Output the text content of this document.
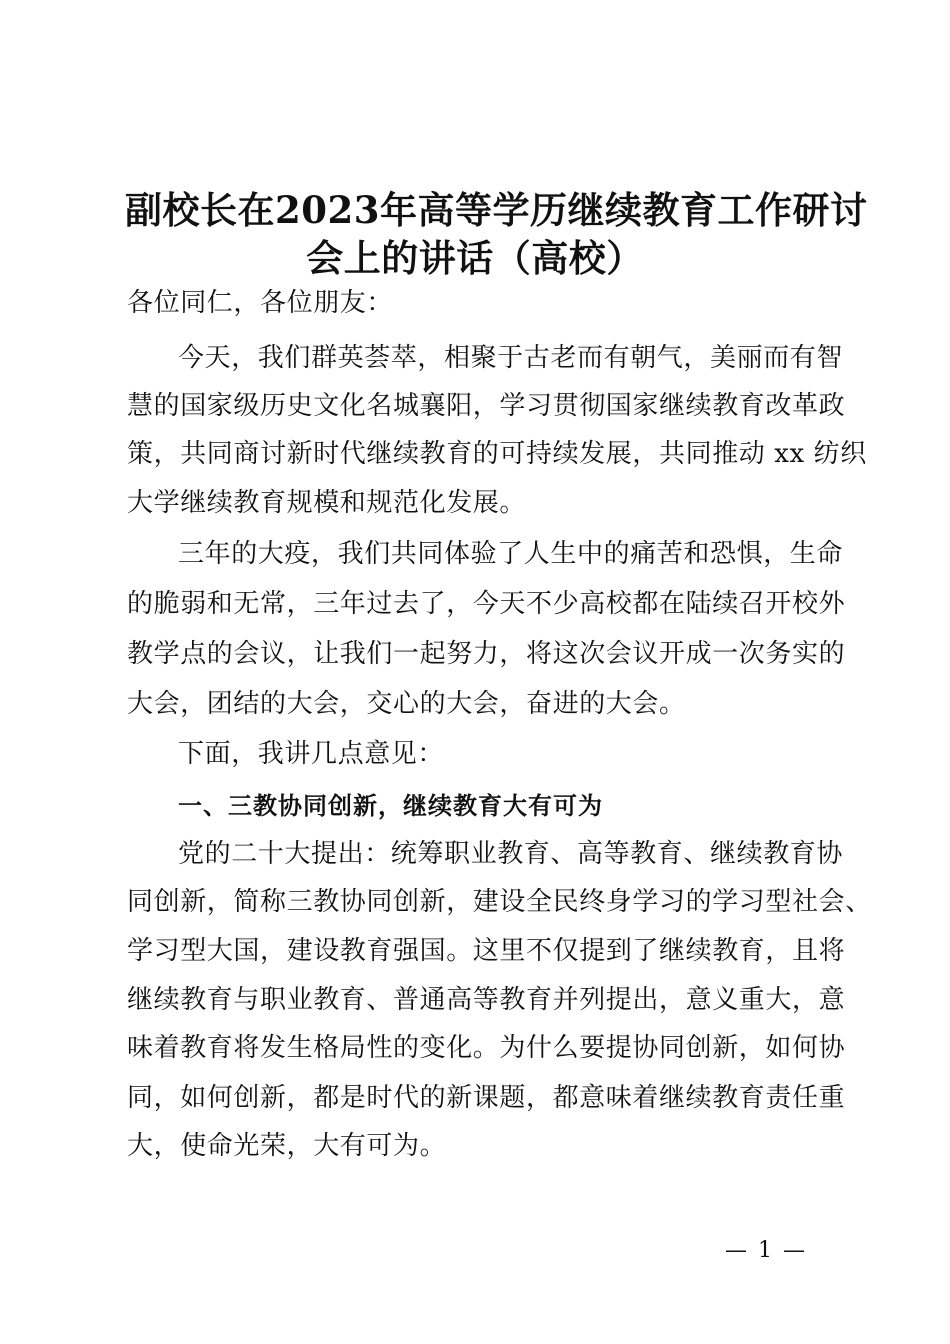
副校长在2023年高等学历继续教育工作研讨
会上的讲话（高校）
各位同仁，各位朋友：
今天，我们群英荟萃，相聚于古老而有朝气，美丽而有智
慧的国家级历史文化名城襄阳，学习贯彻国家继续教育改革政
策，共同商讨新时代继续教育的可持续发展，共同推动 xx 纺织
大学继续教育规模和规范化发展。
三年的大疫，我们共同体验了人生中的痛苦和恐惧，生命
的脆弱和无常，三年过去了，今天不少高校都在陆续召开校外
教学点的会议，让我们一起努力，将这次会议开成一次务实的
大会，团结的大会，交心的大会，奋进的大会。
下面，我讲几点意见：
一、三教协同创新，继续教育大有可为
党的二十大提出：统筹职业教育、高等教育、继续教育协
同创新，简称三教协同创新，建设全民终身学习的学习型社会、
学习型大国，建设教育强国。这里不仅提到了继续教育，且将
继续教育与职业教育、普通高等教育并列提出，意义重大，意
味着教育将发生格局性的变化。为什么要提协同创新，如何协
同，如何创新，都是时代的新课题，都意味着继续教育责任重
大，使命光荣，大有可为。
— 1 —
